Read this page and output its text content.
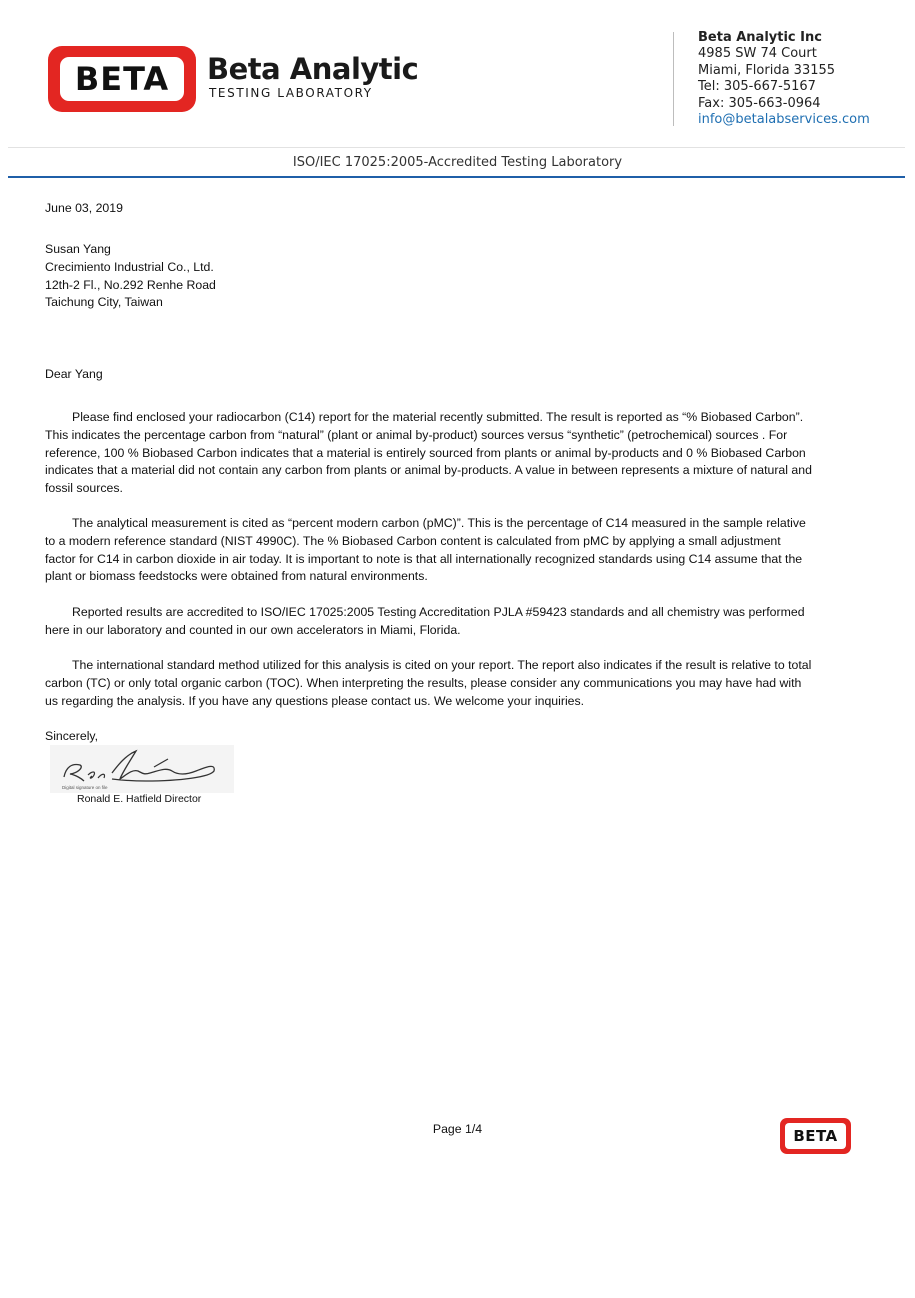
BETA	Beta Analytic
TESTING LABORATORY
Beta Analytic Inc
4985 SW 74 Court
Miami, Florida 33155
Tel: 305-667-5167
Fax: 305-663-0964
info@betalabservices.com
ISO/IEC 17025:2005-Accredited Testing Laboratory
June 03, 2019
Susan Yang
Crecimiento Industrial Co., Ltd.
12th-2 Fl., No.292 Renhe Road
Taichung City, Taiwan
Dear Yang

Please find enclosed your radiocarbon (C14) report for the material recently submitted. The result is reported as “% Biobased Carbon”. This indicates the percentage carbon from “natural” (plant or animal by-product) sources versus “synthetic” (petrochemical) sources . For reference, 100 % Biobased Carbon indicates that a material is entirely sourced from plants or animal by-products and 0 % Biobased Carbon indicates that a material did not contain any carbon from plants or animal by-products. A value in between represents a mixture of natural and fossil sources.

The analytical measurement is cited as “percent modern carbon (pMC)”. This is the percentage of C14 measured in the sample relative to a modern reference standard (NIST 4990C). The % Biobased Carbon content is calculated from pMC by applying a small adjustment factor for C14 in carbon dioxide in air today. It is important to note is that all internationally recognized standards using C14 assume that the plant or biomass feedstocks were obtained from natural environments.

Reported results are accredited to ISO/IEC 17025:2005 Testing Accreditation PJLA #59423 standards and all chemistry was performed here in our laboratory and counted in our own accelerators in Miami, Florida.

The international standard method utilized for this analysis is cited on your report. The report also indicates if the result is relative to total carbon (TC) or only total organic carbon (TOC). When interpreting the results, please consider any communications you may have had with us regarding the analysis. If you have any questions please contact us. We welcome your inquiries.

Sincerely,
Digital signature on file
Ronald E. Hatfield Director
Page 1/4	BETA
